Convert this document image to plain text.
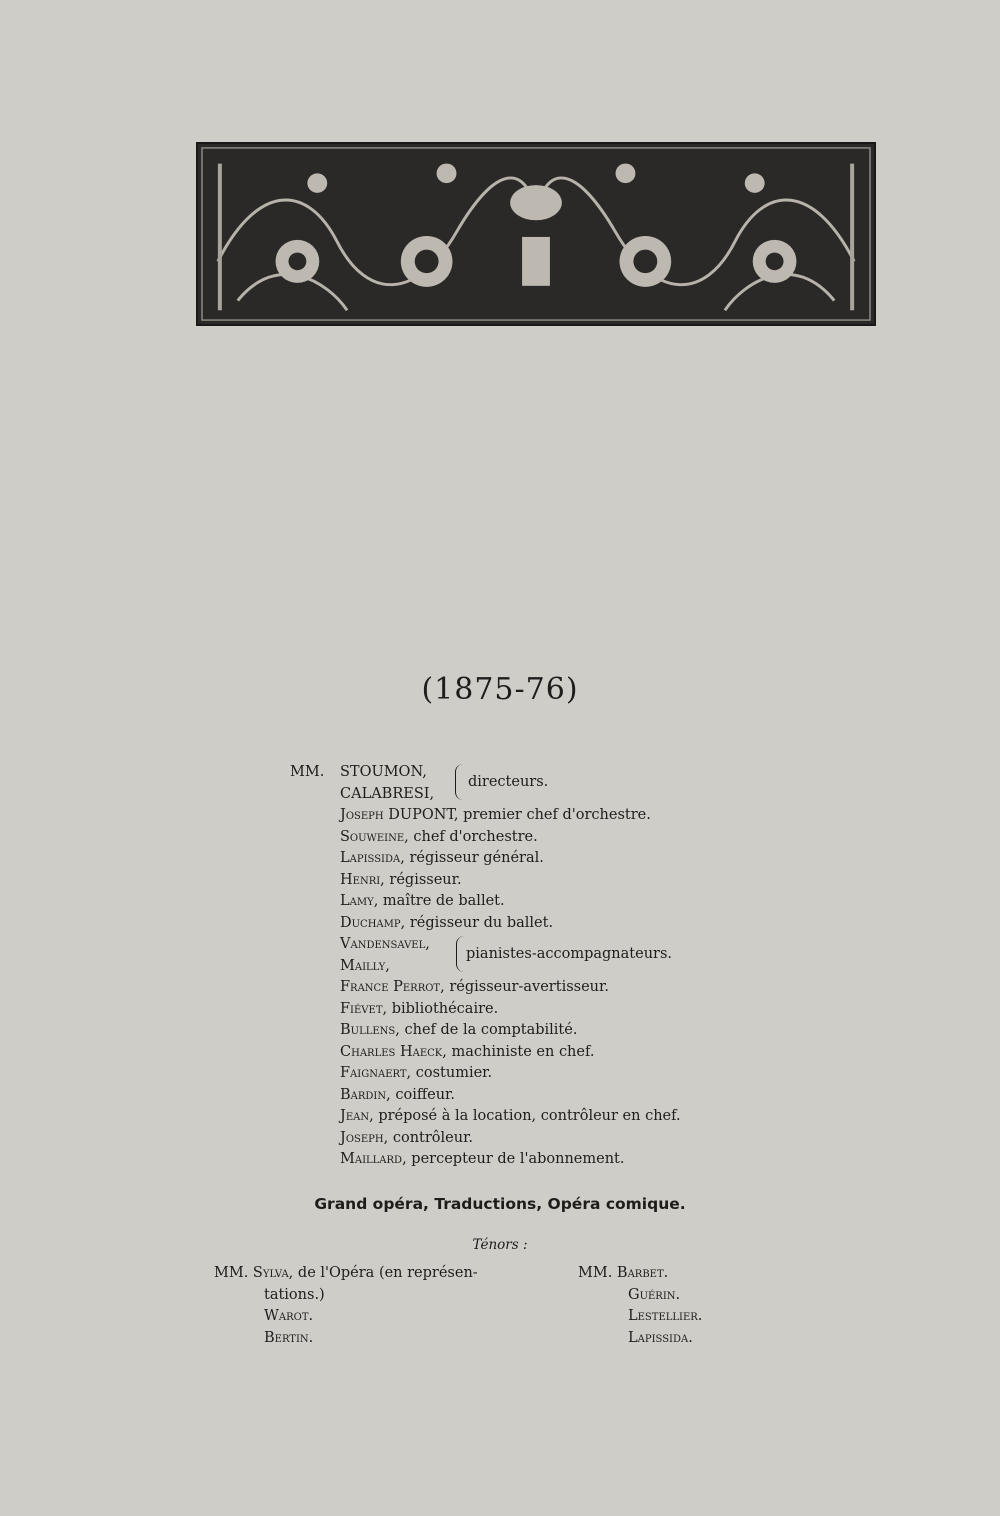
(1875-76)
MM. STOUMON,
CALABRESI,
directeurs.
Joseph DUPONT, premier chef d'orchestre.
Souweine, chef d'orchestre.
Lapissida, régisseur général.
Henri, régisseur.
Lamy, maître de ballet.
Duchamp, régisseur du ballet.
Vandensavel,
Mailly,
pianistes-accompagnateurs.
France Perrot, régisseur-avertisseur.
Fiévet, bibliothécaire.
Bullens, chef de la comptabilité.
Charles Haeck, machiniste en chef.
Faignaert, costumier.
Bardin, coiffeur.
Jean, préposé à la location, contrôleur en chef.
Joseph, contrôleur.
Maillard, percepteur de l'abonnement.
Grand opéra, Traductions, Opéra comique.
Ténors :
MM. Sylva, de l'Opéra (en représen-
tations.)
Warot.
Bertin.
MM. Barbet.
Guérin.
Lestellier.
Lapissida.
